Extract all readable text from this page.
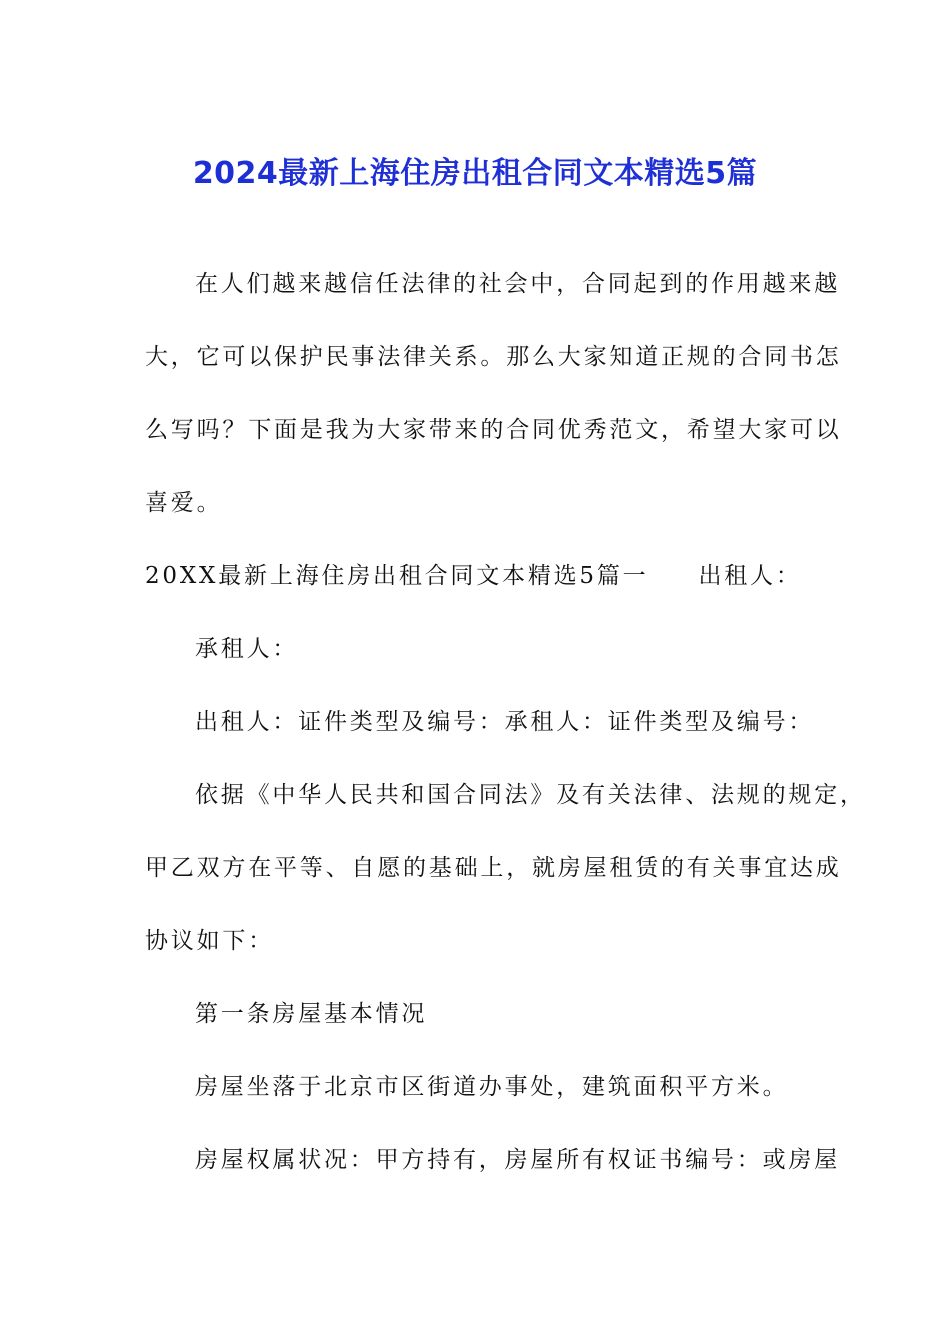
2024最新上海住房出租合同文本精选5篇
在人们越来越信任法律的社会中，合同起到的作用越来越
大，它可以保护民事法律关系。那么大家知道正规的合同书怎
么写吗？下面是我为大家带来的合同优秀范文，希望大家可以
喜爱。
20XX最新上海住房出租合同文本精选5篇一 出租人：
承租人：
出租人：证件类型及编号：承租人：证件类型及编号：
依据《中华人民共和国合同法》及有关法律、法规的规定，
甲乙双方在平等、自愿的基础上，就房屋租赁的有关事宜达成
协议如下：
第一条房屋基本情况
房屋坐落于北京市区街道办事处，建筑面积平方米。
房屋权属状况：甲方持有，房屋所有权证书编号：或房屋
